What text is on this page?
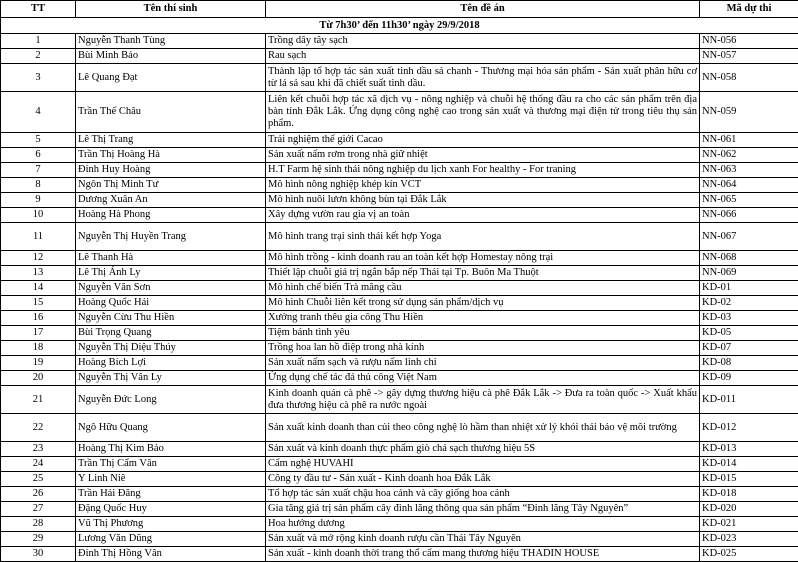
TT	Tên thí sinh	Tên đề án	Mã dự thi
Từ 7h30’ đến 11h30’ ngày 29/9/2018			
1	Nguyễn Thanh Tùng	Trồng dây tây sạch	NN-056
2	Bùi Minh Bảo	Rau sạch	NN-057
3	Lê Quang Đạt	Thành lập tổ hợp tác sản xuất tinh dầu sả chanh - Thương mại hóa sản phẩm - Sản xuất phân hữu cơ từ lá sả sau khi đã chiết suất tinh dầu.	NN-058
4	Trần Thế Châu	Liên kết chuỗi hợp tác xã dịch vụ - nông nghiệp và chuỗi hệ thống đầu ra cho các sản phẩm trên địa bàn tỉnh Đắk Lắk. Ứng dụng công nghệ cao trong sản xuất và thương mại điện tử trong tiêu thụ sản phẩm.	NN-059
5	Lê Thị Trang	Trải nghiệm thế giới Cacao	NN-061
6	Trần Thị Hoàng Hà	Sản xuất nấm rơm trong nhà giữ nhiệt	NN-062
7	Đinh Huy Hoàng	H.T Farm hệ sinh thái nông nghiệp du lịch xanh For healthy - For traning	NN-063
8	Ngôn Thị Minh Tư	Mô hình nông nghiệp khép kín VCT	NN-064
9	Dương Xuân An	Mô hình nuôi lươn không bùn tại Đắk Lắk	NN-065
10	Hoàng Hà Phong	Xây dựng vườn rau gia vị an toàn	NN-066
11	Nguyễn Thị Huyền Trang	Mô hình trang trại sinh thái kết hợp Yoga	NN-067
12	Lê Thanh Hà	Mô hình trồng - kinh doanh rau an toàn kết hợp Homestay nông trại	NN-068
13	Lê Thị Ánh Ly	Thiết lập chuỗi giá trị ngắn bắp nếp Thái tại Tp. Buôn Ma Thuột	NN-069
14	Nguyễn Văn Sơn	Mô hình chế biến Trà măng cầu	KD-01
15	Hoàng Quốc Hải	Mô hình Chuỗi liên kết trong sử dụng sản phẩm/dịch vụ	KD-02
16	Nguyễn Cừu Thu Hiền	Xưởng tranh thêu gia công Thu Hiền	KD-03
17	Bùi Trọng Quang	Tiệm bánh tình yêu	KD-05
18	Nguyễn Thị Diệu Thúy	Trồng hoa lan hồ điệp trong nhà kính	KD-07
19	Hoàng Bích Lợi	Sản xuất nấm sạch và rượu nấm linh chi	KD-08
20	Nguyễn Thị Vân Ly	Ứng dụng chế tác đá thủ công Việt Nam	KD-09
21	Nguyễn Đức Long	Kinh doanh quán cà phê -> gây dựng thương hiệu cà phê Đắk Lắk -> Đưa ra toàn quốc -> Xuất khẩu đưa thương hiệu cà phê ra nước ngoài	KD-011
22	Ngô Hữu Quang	Sản xuất kinh doanh than củi theo công nghệ lò hầm than nhiệt xử lý khói thải bảo vệ môi trường	KD-012
23	Hoàng Thị Kim Bảo	Sản xuất và kinh doanh thực phẩm giò chả sạch thương hiệu 5S	KD-013
24	Trần Thị Cẩm Vân	Cẩm nghệ HUVAHI	KD-014
25	Y Linh Niê	Công ty đầu tư - Sản xuất - Kinh doanh hoa Đắk Lắk	KD-015
26	Trần Hải Đăng	Tổ hợp tác sản xuất chậu hoa cảnh và cây giống hoa cảnh	KD-018
27	Đặng Quốc Huy	Gia tăng giá trị sản phẩm cây đinh lăng thông qua sản phẩm “Đinh lăng Tây Nguyên”	KD-020
28	Vũ Thị Phương	Hoa hướng dương	KD-021
29	Lương Văn Dũng	Sản xuất và mở rộng kinh doanh rượu cần Thái Tây Nguyên	KD-023
30	Đinh Thị Hồng Vân	Sản xuất - kinh doanh thời trang thổ cẩm mang thương hiệu THADIN HOUSE	KD-025
